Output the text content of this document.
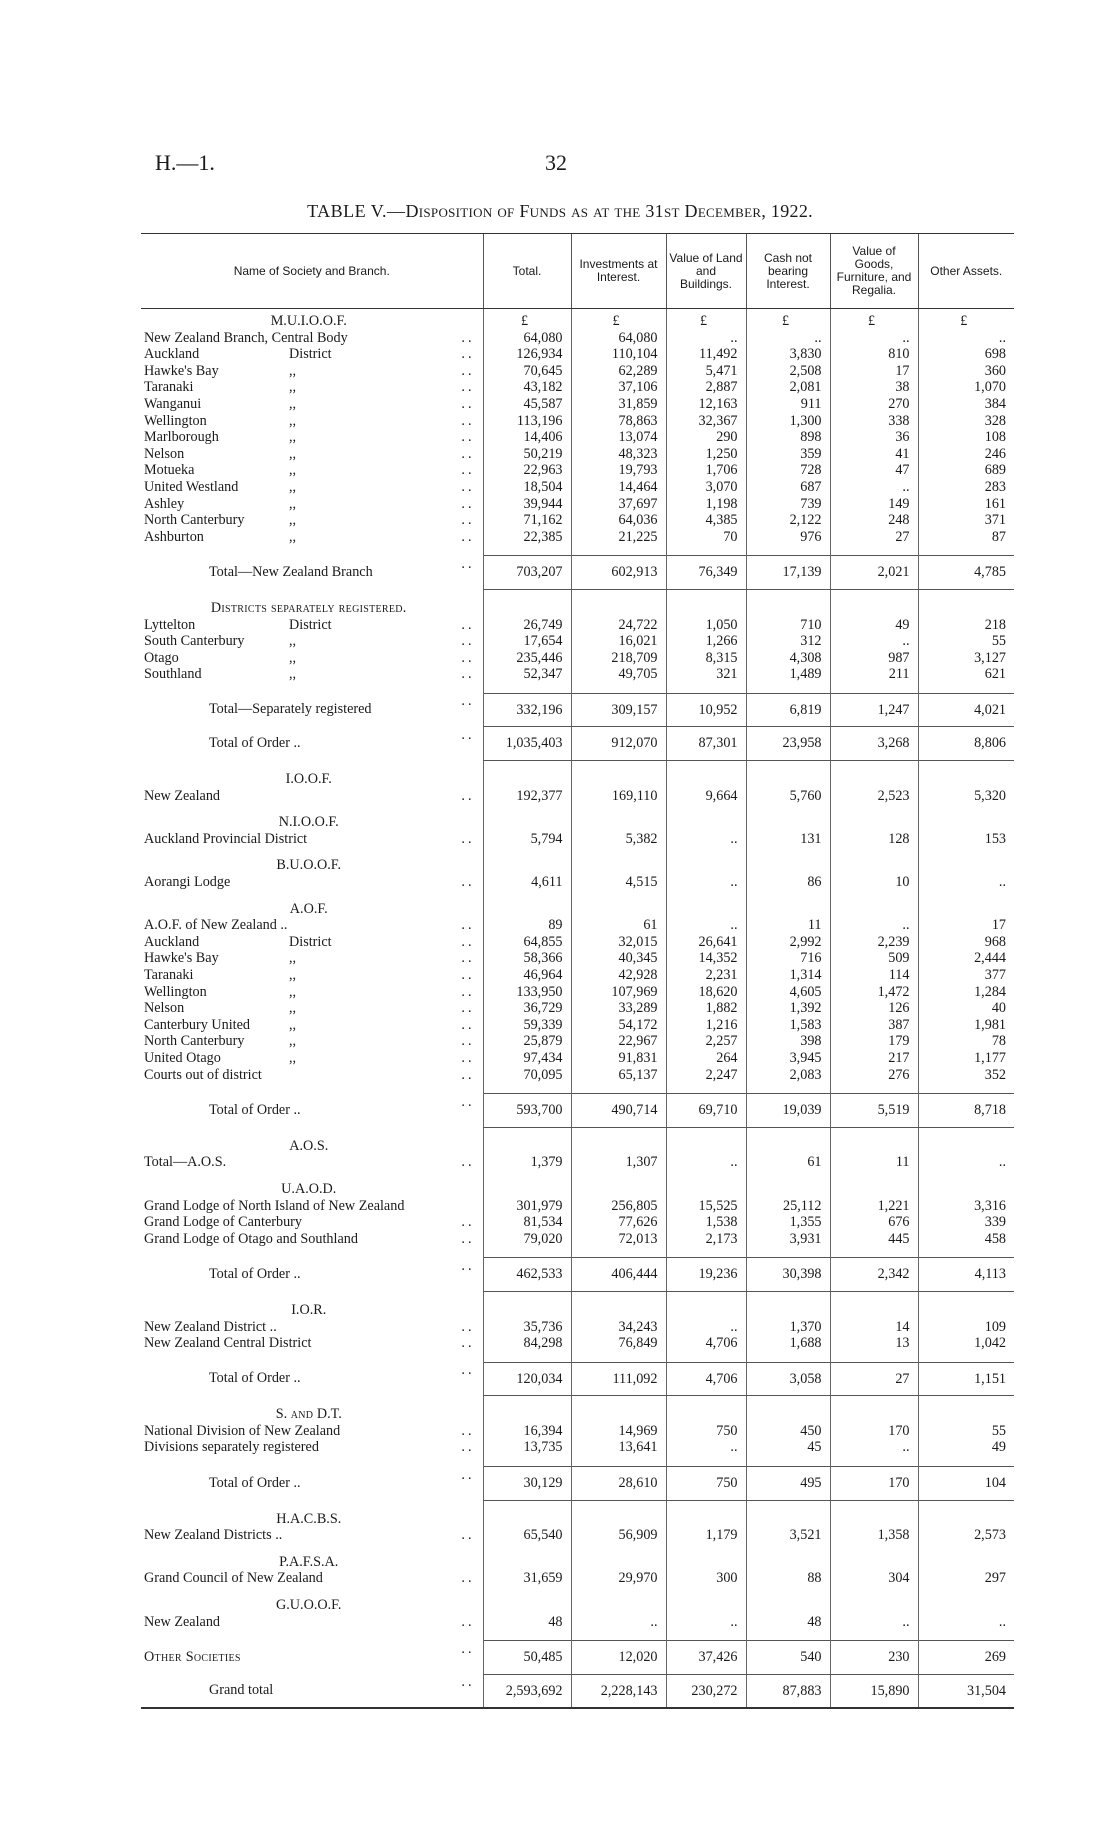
H.—1.	32
TABLE V.—Disposition of Funds as at the 31st December, 1922.
Name of Society and Branch.	Total.	Investments at Interest.	Value of Land and Buildings.	Cash not bearing Interest.	Value of Goods, Furniture, and Regalia.	Other Assets.
M.U.I.O.O.F.	£	£	£	£	£	£
New Zealand Branch, Central Body ..	64,080	64,080	..	..	..	..
Auckland District ..	126,934	110,104	11,492	3,830	810	698
Hawke's Bay ,, ..	70,645	62,289	5,471	2,508	17	360
Taranaki ,, ..	43,182	37,106	2,887	2,081	38	1,070
Wanganui ,, ..	45,587	31,859	12,163	911	270	384
Wellington ,, ..	113,196	78,863	32,367	1,300	338	328
Marlborough ,, ..	14,406	13,074	290	898	36	108
Nelson ,, ..	50,219	48,323	1,250	359	41	246
Motueka ,, ..	22,963	19,793	1,706	728	47	689
United Westland ,, ..	18,504	14,464	3,070	687	..	283
Ashley ,, ..	39,944	37,697	1,198	739	149	161
North Canterbury ,, ..	71,162	64,036	4,385	2,122	248	371
Ashburton ,, ..	22,385	21,225	70	976	27	87

Total—New Zealand Branch ..	703,207	602,913	76,349	17,139	2,021	4,785

Districts separately registered.						
Lyttelton District ..	26,749	24,722	1,050	710	49	218
South Canterbury ,, ..	17,654	16,021	1,266	312	..	55
Otago ,, ..	235,446	218,709	8,315	4,308	987	3,127
Southland ,, ..	52,347	49,705	321	1,489	211	621

Total—Separately registered ..	332,196	309,157	10,952	6,819	1,247	4,021
Total of Order .. ..	1,035,403	912,070	87,301	23,958	3,268	8,806

I.O.O.F.						
New Zealand ..	192,377	169,110	9,664	5,760	2,523	5,320

N.I.O.O.F.						
Auckland Provincial District ..	5,794	5,382	..	131	128	153

B.U.O.O.F.						
Aorangi Lodge ..	4,611	4,515	..	86	10	..

A.O.F.						
A.O.F. of New Zealand .. ..	89	61	..	11	..	17
Auckland District ..	64,855	32,015	26,641	2,992	2,239	968
Hawke's Bay ,, ..	58,366	40,345	14,352	716	509	2,444
Taranaki ,, ..	46,964	42,928	2,231	1,314	114	377
Wellington ,, ..	133,950	107,969	18,620	4,605	1,472	1,284
Nelson ,, ..	36,729	33,289	1,882	1,392	126	40
Canterbury United ,, ..	59,339	54,172	1,216	1,583	387	1,981
North Canterbury ,, ..	25,879	22,967	2,257	398	179	78
United Otago ,, ..	97,434	91,831	264	3,945	217	1,177
Courts out of district ..	70,095	65,137	2,247	2,083	276	352

Total of Order .. ..	593,700	490,714	69,710	19,039	5,519	8,718

A.O.S.						
Total—A.O.S. ..	1,379	1,307	..	61	11	..

U.A.O.D.						
Grand Lodge of North Island of New Zealand	301,979	256,805	15,525	25,112	1,221	3,316
Grand Lodge of Canterbury ..	81,534	77,626	1,538	1,355	676	339
Grand Lodge of Otago and Southland ..	79,020	72,013	2,173	3,931	445	458

Total of Order .. ..	462,533	406,444	19,236	30,398	2,342	4,113

I.O.R.						
New Zealand District .. ..	35,736	34,243	..	1,370	14	109
New Zealand Central District ..	84,298	76,849	4,706	1,688	13	1,042

Total of Order .. ..	120,034	111,092	4,706	3,058	27	1,151

S. and D.T.						
National Division of New Zealand ..	16,394	14,969	750	450	170	55
Divisions separately registered ..	13,735	13,641	..	45	..	49

Total of Order .. ..	30,129	28,610	750	495	170	104

H.A.C.B.S.						
New Zealand Districts .. ..	65,540	56,909	1,179	3,521	1,358	2,573

P.A.F.S.A.						
Grand Council of New Zealand ..	31,659	29,970	300	88	304	297

G.U.O.O.F.						
New Zealand ..	48	..	..	48	..	..

Other Societies ..	50,485	12,020	37,426	540	230	269
Grand total ..	2,593,692	2,228,143	230,272	87,883	15,890	31,504
